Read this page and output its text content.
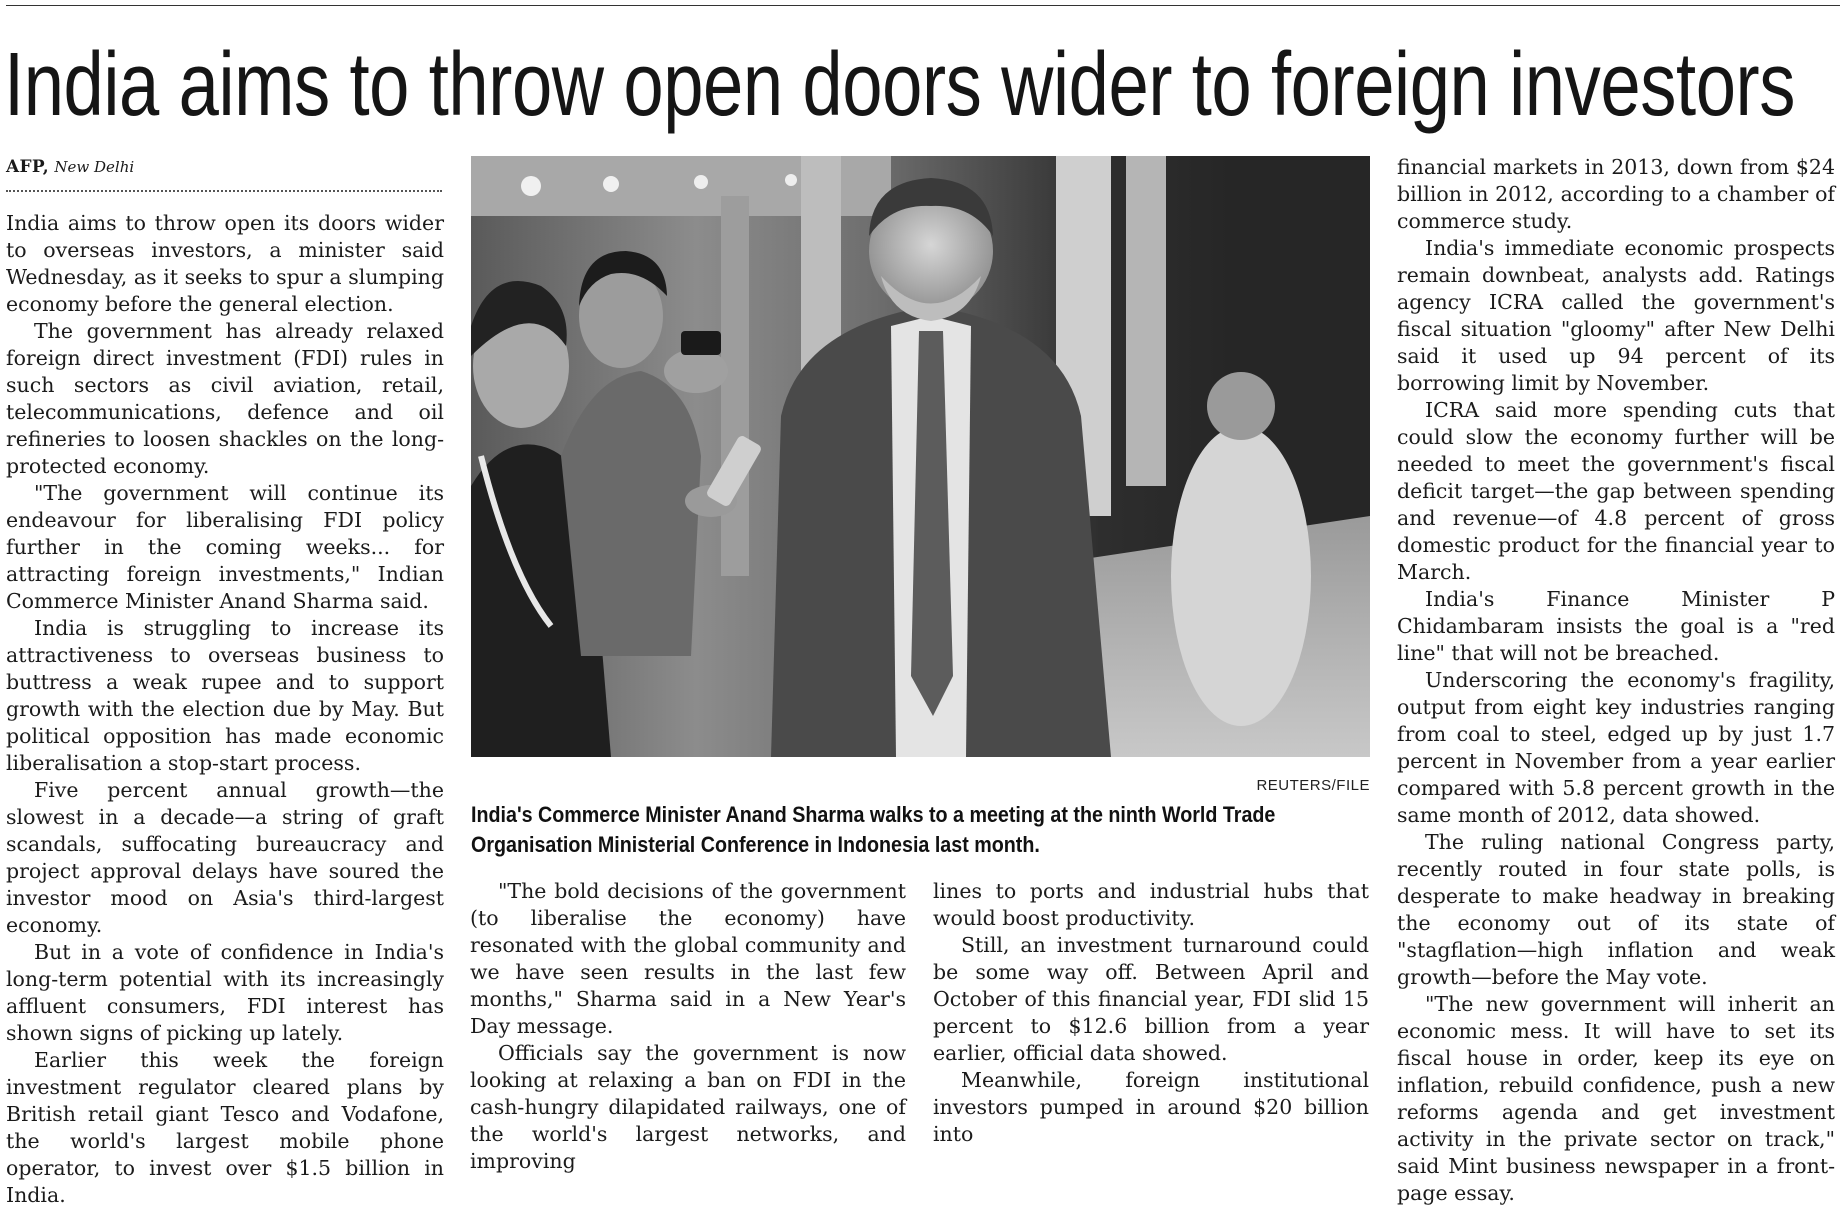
India aims to throw open doors wider to foreign investors
AFP, New Delhi

India aims to throw open its doors wider to overseas investors, a minister said Wednesday, as it seeks to spur a slumping economy before the general election.

The government has already relaxed foreign direct investment (FDI) rules in such sectors as civil aviation, retail, telecommunications, defence and oil refineries to loosen shackles on the long-protected economy.

"The government will continue its endeavour for liberalising FDI policy further in the coming weeks... for attracting foreign investments," Indian Commerce Minister Anand Sharma said.

India is struggling to increase its attractiveness to overseas business to buttress a weak rupee and to support growth with the election due by May. But political opposition has made economic liberalisation a stop-start process.

Five percent annual growth—the slowest in a decade—a string of graft scandals, suffocating bureaucracy and project approval delays have soured the investor mood on Asia's third-largest economy.

But in a vote of confidence in India's long-term potential with its increasingly affluent consumers, FDI interest has shown signs of picking up lately.

Earlier this week the foreign investment regulator cleared plans by British retail giant Tesco and Vodafone, the world's largest mobile phone operator, to invest over $1.5 billion in India.

REUTERS/FILE
India's Commerce Minister Anand Sharma walks to a meeting at the ninth World Trade Organisation Ministerial Conference in Indonesia last month.

"The bold decisions of the government (to liberalise the economy) have resonated with the global community and we have seen results in the last few months," Sharma said in a New Year's Day message.

Officials say the government is now looking at relaxing a ban on FDI in the cash-hungry dilapidated railways, one of the world's largest networks, and improving

lines to ports and industrial hubs that would boost productivity.

Still, an investment turnaround could be some way off. Between April and October of this financial year, FDI slid 15 percent to $12.6 billion from a year earlier, official data showed.

Meanwhile, foreign institutional investors pumped in around $20 billion into

financial markets in 2013, down from $24 billion in 2012, according to a chamber of commerce study.

India's immediate economic prospects remain downbeat, analysts add. Ratings agency ICRA called the government's fiscal situation "gloomy" after New Delhi said it used up 94 percent of its borrowing limit by November.

ICRA said more spending cuts that could slow the economy further will be needed to meet the government's fiscal deficit target—the gap between spending and revenue—of 4.8 percent of gross domestic product for the financial year to March.

India's Finance Minister P Chidambaram insists the goal is a "red line" that will not be breached.

Underscoring the economy's fragility, output from eight key industries ranging from coal to steel, edged up by just 1.7 percent in November from a year earlier compared with 5.8 percent growth in the same month of 2012, data showed.

The ruling national Congress party, recently routed in four state polls, is desperate to make headway in breaking the economy out of its state of "stagflation—high inflation and weak growth—before the May vote.

"The new government will inherit an economic mess. It will have to set its fiscal house in order, keep its eye on inflation, rebuild confidence, push a new reforms agenda and get investment activity in the private sector on track," said Mint business newspaper in a front-page essay.
